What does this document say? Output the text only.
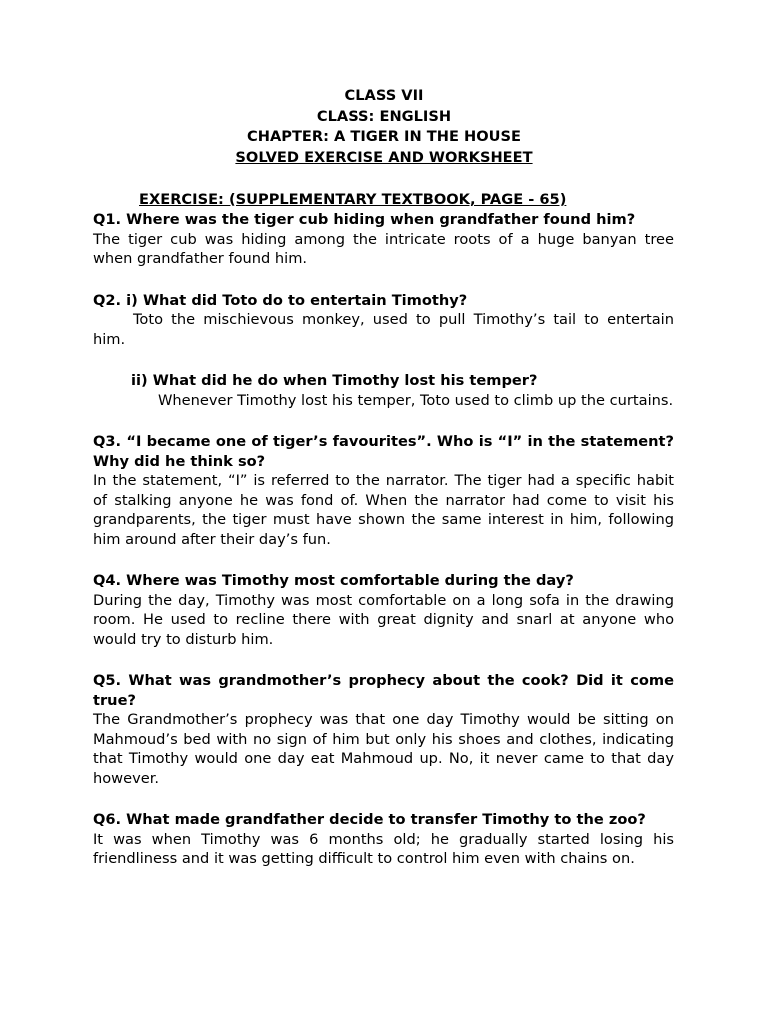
CLASS VII
CLASS: ENGLISH
CHAPTER: A TIGER IN THE HOUSE
SOLVED EXERCISE AND WORKSHEET
EXERCISE: (SUPPLEMENTARY TEXTBOOK, PAGE - 65)
Q1. Where was the tiger cub hiding when grandfather found him?
The tiger cub was hiding among the intricate roots of a huge banyan tree when grandfather found him.
Q2. i) What did Toto do to entertain Timothy?
Toto the mischievous monkey, used to pull Timothy’s tail to entertain him.
ii) What did he do when Timothy lost his temper?
Whenever Timothy lost his temper, Toto used to climb up the curtains.
Q3. “I became one of tiger’s favourites”. Who is “I” in the statement? Why did he think so?
In the statement, “I” is referred to the narrator. The tiger had a specific habit of stalking anyone he was fond of. When the narrator had come to visit his grandparents, the tiger must have shown the same interest in him, following him around after their day’s fun.
Q4. Where was Timothy most comfortable during the day?
During the day, Timothy was most comfortable on a long sofa in the drawing room. He used to recline there with great dignity and snarl at anyone who would try to disturb him.
Q5. What was grandmother’s prophecy about the cook? Did it come true?
The Grandmother’s prophecy was that one day Timothy would be sitting on Mahmoud’s bed with no sign of him but only his shoes and clothes, indicating that Timothy would one day eat Mahmoud up. No, it never came to that day however.
Q6. What made grandfather decide to transfer Timothy to the zoo?
It was when Timothy was 6 months old; he gradually started losing his friendliness and it was getting difficult to control him even with chains on.
